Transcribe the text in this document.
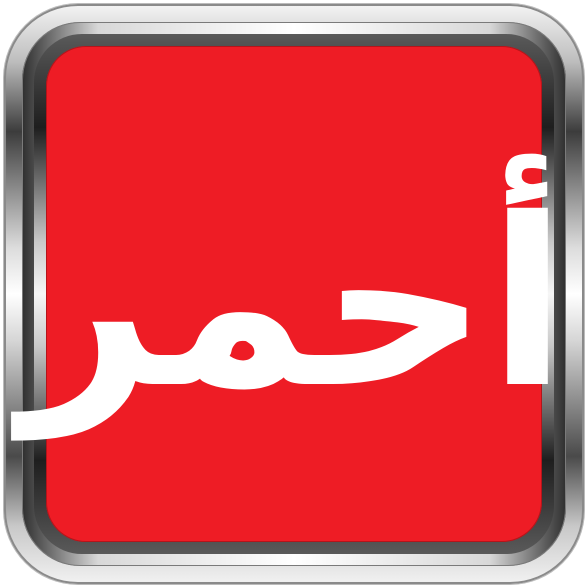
أحمر
